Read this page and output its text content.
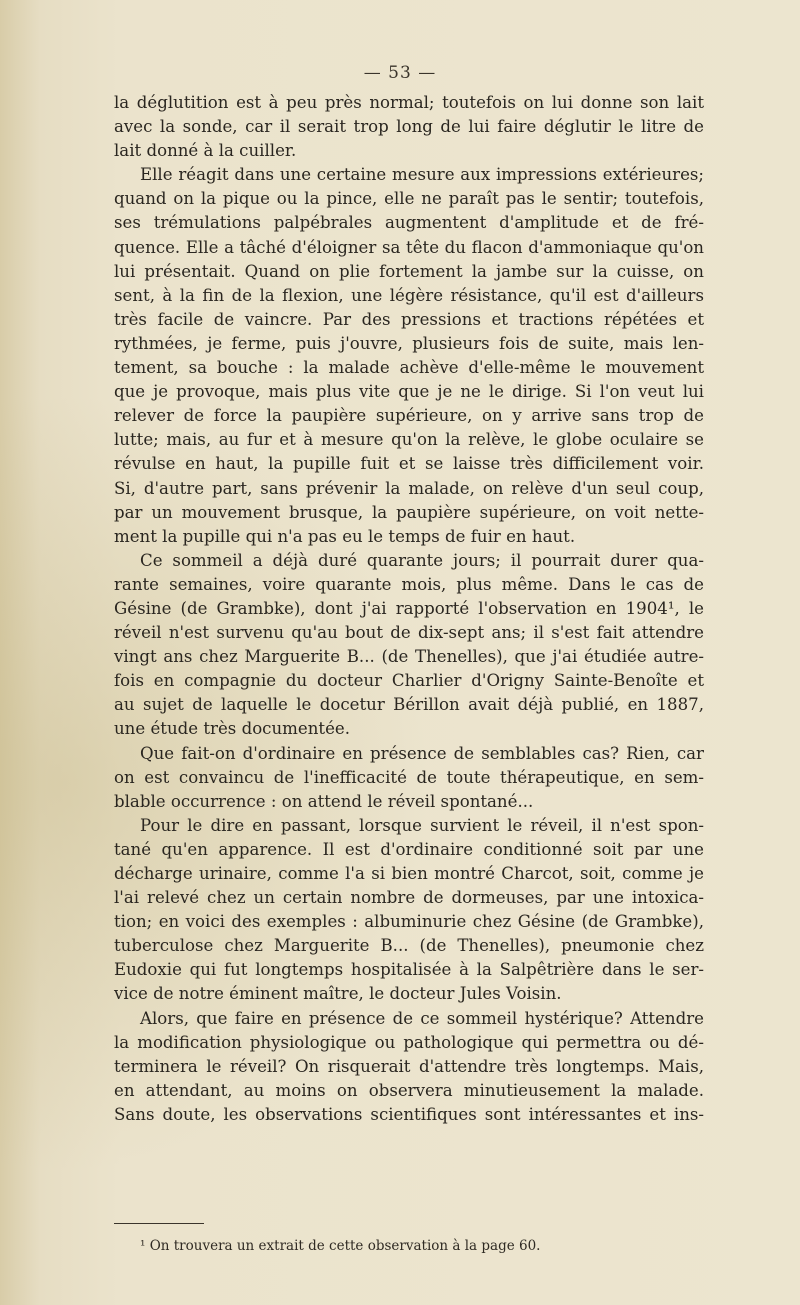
— 53 —

la déglutition est à peu près normal; toutefois on lui donne son lait
avec la sonde, car il serait trop long de lui faire déglutir le litre de
lait donné à la cuiller.

Elle réagit dans une certaine mesure aux impressions extérieures;
quand on la pique ou la pince, elle ne paraît pas le sentir; toutefois,
ses trémulations palpébrales augmentent d'amplitude et de fré-
quence. Elle a tâché d'éloigner sa tête du flacon d'ammoniaque qu'on
lui présentait. Quand on plie fortement la jambe sur la cuisse, on
sent, à la fin de la flexion, une légère résistance, qu'il est d'ailleurs
très facile de vaincre. Par des pressions et tractions répétées et
rythmées, je ferme, puis j'ouvre, plusieurs fois de suite, mais len-
tement, sa bouche : la malade achève d'elle-même le mouvement
que je provoque, mais plus vite que je ne le dirige. Si l'on veut lui
relever de force la paupière supérieure, on y arrive sans trop de
lutte; mais, au fur et à mesure qu'on la relève, le globe oculaire se
révulse en haut, la pupille fuit et se laisse très difficilement voir.
Si, d'autre part, sans prévenir la malade, on relève d'un seul coup,
par un mouvement brusque, la paupière supérieure, on voit nette-
ment la pupille qui n'a pas eu le temps de fuir en haut.

Ce sommeil a déjà duré quarante jours; il pourrait durer qua-
rante semaines, voire quarante mois, plus même. Dans le cas de
Gésine (de Grambke), dont j'ai rapporté l'observation en 1904¹, le
réveil n'est survenu qu'au bout de dix-sept ans; il s'est fait attendre
vingt ans chez Marguerite B... (de Thenelles), que j'ai étudiée autre-
fois en compagnie du docteur Charlier d'Origny Sainte-Benoîte et
au sujet de laquelle le docetur Bérillon avait déjà publié, en 1887,
une étude très documentée.

Que fait-on d'ordinaire en présence de semblables cas? Rien, car
on est convaincu de l'inefficacité de toute thérapeutique, en sem-
blable occurrence : on attend le réveil spontané...

Pour le dire en passant, lorsque survient le réveil, il n'est spon-
tané qu'en apparence. Il est d'ordinaire conditionné soit par une
décharge urinaire, comme l'a si bien montré Charcot, soit, comme je
l'ai relevé chez un certain nombre de dormeuses, par une intoxica-
tion; en voici des exemples : albuminurie chez Gésine (de Grambke),
tuberculose chez Marguerite B... (de Thenelles), pneumonie chez
Eudoxie qui fut longtemps hospitalisée à la Salpêtrière dans le ser-
vice de notre éminent maître, le docteur Jules Voisin.

Alors, que faire en présence de ce sommeil hystérique? Attendre
la modification physiologique ou pathologique qui permettra ou dé-
terminera le réveil? On risquerait d'attendre très longtemps. Mais,
en attendant, au moins on observera minutieusement la malade.
Sans doute, les observations scientifiques sont intéressantes et ins-

¹ On trouvera un extrait de cette observation à la page 60.
